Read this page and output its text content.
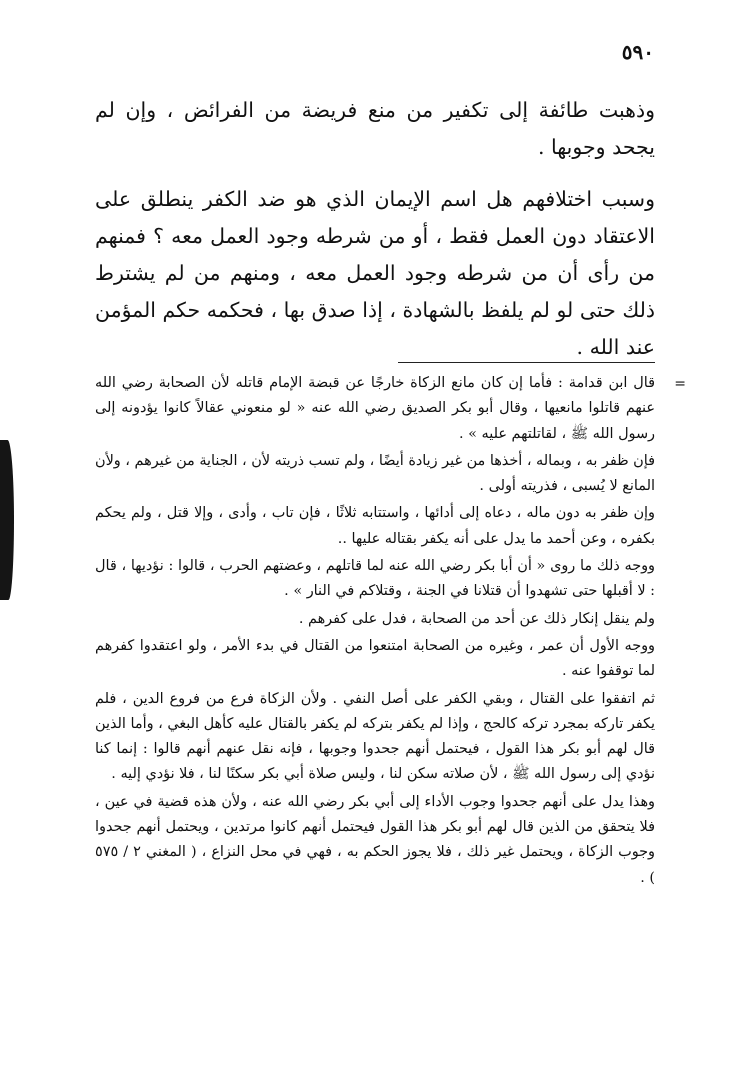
٥٩٠

وذهبت طائفة إلى تكفير من منع فريضة من الفرائض ، وإن لم يجحد وجوبها .

وسبب اختلافهم هل اسم الإيمان الذي هو ضد الكفر ينطلق على الاعتقاد دون العمل فقط ، أو من شرطه وجود العمل معه ؟ فمنهم من رأى أن من شرطه وجود العمل معه ، ومنهم من لم يشترط ذلك حتى لو لم يلفظ بالشهادة ، إذا صدق بها ، فحكمه حكم المؤمن عند الله .

=

قال ابن قدامة : فأما إن كان مانع الزكاة خارجًا عن قبضة الإمام قاتله لأن الصحابة رضي الله عنهم قاتلوا مانعيها ، وقال أبو بكر الصديق رضي الله عنه « لو منعوني عقالاً كانوا يؤدونه إلى رسول الله ﷺ ، لقاتلتهم عليه » .

فإن ظفر به ، وبماله ، أخذها من غير زيادة أيضًا ، ولم تسب ذريته لأن ، الجناية من غيرهم ، ولأن المانع لا يُسبى ، فذريته أولى .

وإن ظفر به دون ماله ، دعاه إلى أدائها ، واستتابه ثلاثًا ، فإن تاب ، وأدى ، وإلا قتل ، ولم يحكم بكفره ، وعن أحمد ما يدل على أنه يكفر بقتاله عليها ..

ووجه ذلك ما روى « أن أبا بكر رضي الله عنه لما قاتلهم ، وعضتهم الحرب ، قالوا : نؤديها ، قال : لا أقبلها حتى تشهدوا أن قتلانا في الجنة ، وقتلاكم في النار » .

ولم ينقل إنكار ذلك عن أحد من الصحابة ، فدل على كفرهم .

ووجه الأول أن عمر ، وغيره من الصحابة امتنعوا من القتال في بدء الأمر ، ولو اعتقدوا كفرهم لما توقفوا عنه .

ثم اتفقوا على القتال ، وبقي الكفر على أصل النفي . ولأن الزكاة فرع من فروع الدين ، فلم يكفر تاركه بمجرد تركه كالحج ، وإذا لم يكفر بتركه لم يكفر بالقتال عليه كأهل البغي ، وأما الذين قال لهم أبو بكر هذا القول ، فيحتمل أنهم جحدوا وجوبها ، فإنه نقل عنهم أنهم قالوا : إنما كنا نؤدي إلى رسول الله ﷺ ، لأن صلاته سكن لنا ، وليس صلاة أبي بكر سكنًا لنا ، فلا نؤدي إليه .

وهذا يدل على أنهم جحدوا وجوب الأداء إلى أبي بكر رضي الله عنه ، ولأن هذه قضية في عين ، فلا يتحقق من الذين قال لهم أبو بكر هذا القول فيحتمل أنهم كانوا مرتدين ، ويحتمل أنهم جحدوا وجوب الزكاة ، ويحتمل غير ذلك ، فلا يجوز الحكم به ، فهي في محل النزاع ، ( المغني ٢ / ٥٧٥ ) .
